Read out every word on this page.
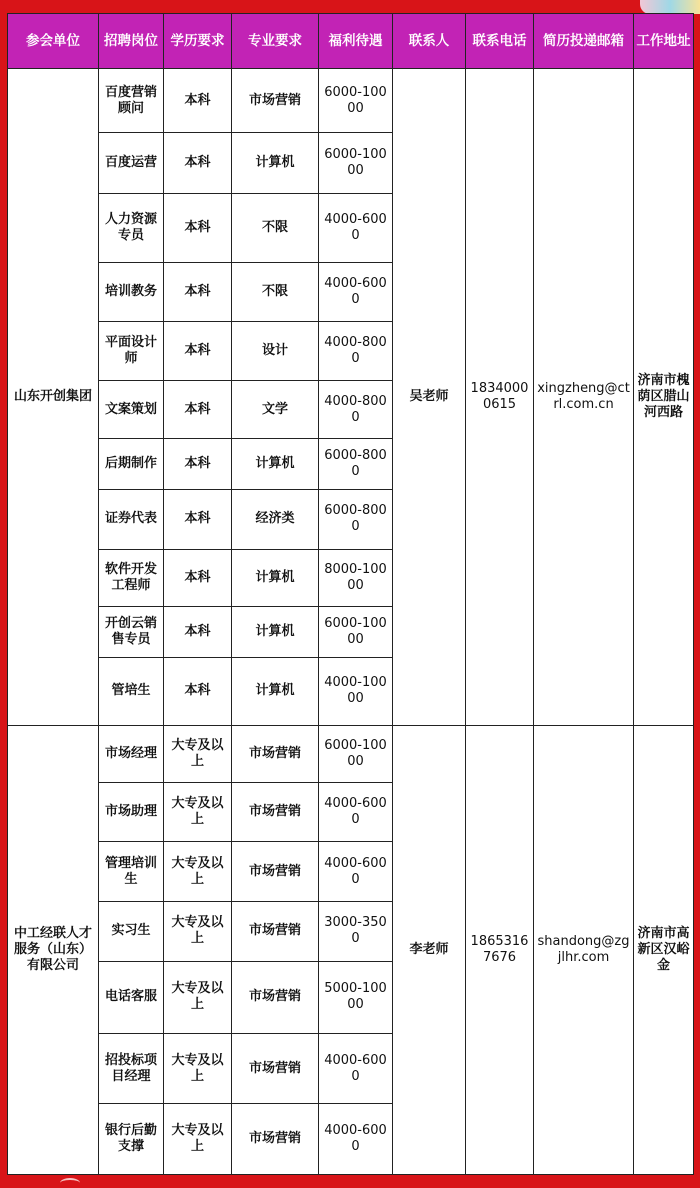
参会单位	招聘岗位	学历要求	专业要求	福利待遇	联系人	联系电话	简历投递邮箱	工作地址
山东开创集团	百度营销顾问	本科	市场营销	6000-10000	吴老师	18340000615	xingzheng@ctrl.com.cn	济南市槐荫区腊山河西路
	百度运营	本科	计算机	6000-10000				
	人力资源专员	本科	不限	4000-6000				
	培训教务	本科	不限	4000-6000				
	平面设计师	本科	设计	4000-8000				
	文案策划	本科	文学	4000-8000				
	后期制作	本科	计算机	6000-8000				
	证券代表	本科	经济类	6000-8000				
	软件开发工程师	本科	计算机	8000-10000				
	开创云销售专员	本科	计算机	6000-10000				
	管培生	本科	计算机	4000-10000				
中工经联人才服务（山东）有限公司	市场经理	大专及以上	市场营销	6000-10000	李老师	18653167676	shandong@zgjlhr.com	济南市高新区汉峪金
	市场助理	大专及以上	市场营销	4000-6000				
	管理培训生	大专及以上	市场营销	4000-6000				
	实习生	大专及以上	市场营销	3000-3500				
	电话客服	大专及以上	市场营销	5000-10000				
	招投标项目经理	大专及以上	市场营销	4000-6000				
	银行后勤支撑	大专及以上	市场营销	4000-6000				
